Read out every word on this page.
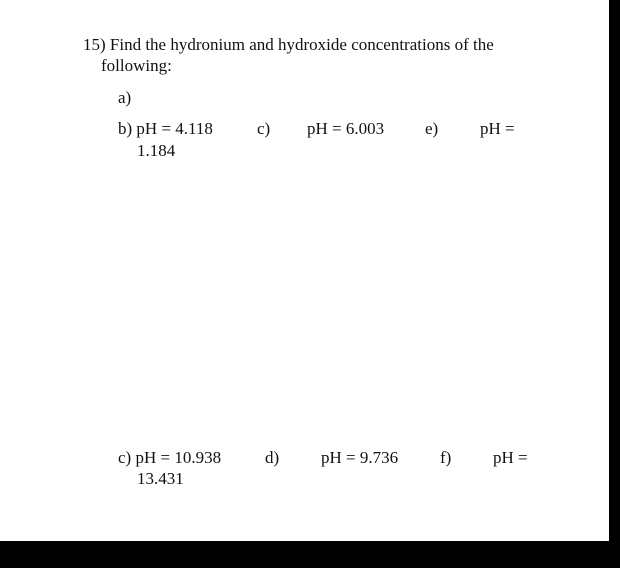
15) Find the hydronium and hydroxide concentrations of the
following:
a)
b) pH = 4.118	c) pH = 6.003 e) pH =
1.184
c) pH = 10.938	d) pH = 9.736 f) pH =
13.431
